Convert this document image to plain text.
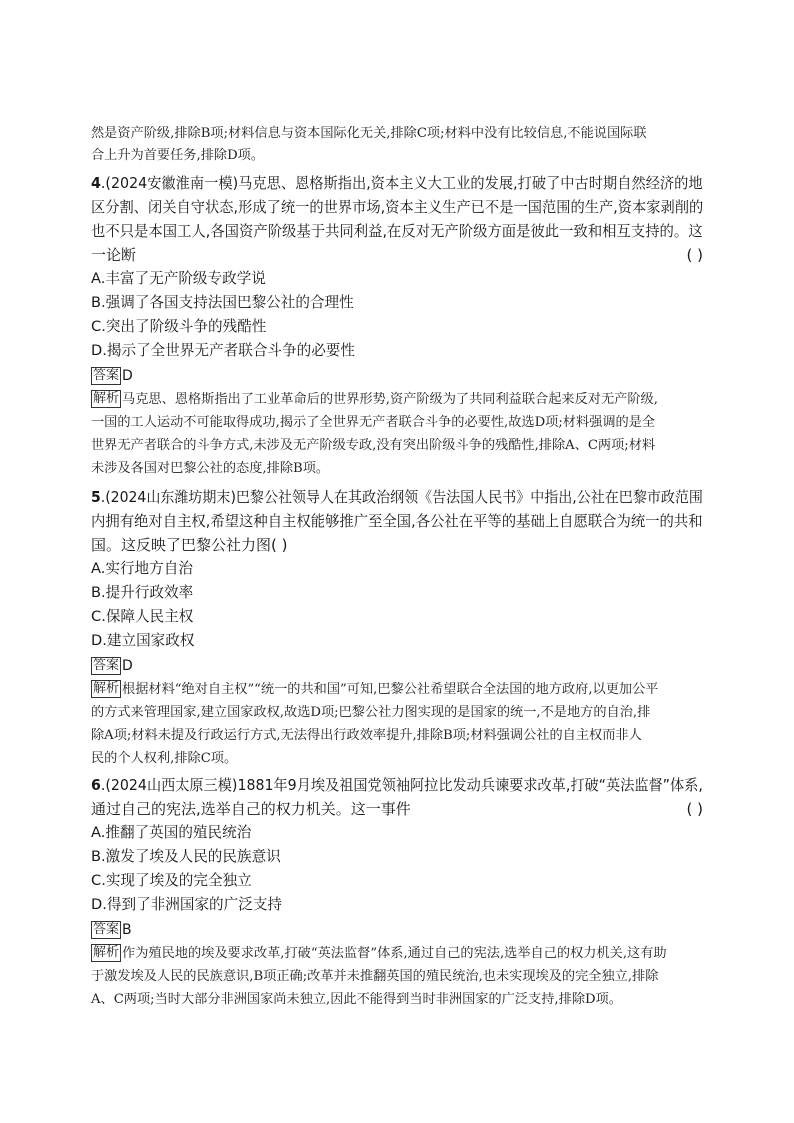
然是资产阶级,排除B项;材料信息与资本国际化无关,排除C项;材料中没有比较信息,不能说国际联
合上升为首要任务,排除D项。
4.(2024安徽淮南一模)马克思、恩格斯指出,资本主义大工业的发展,打破了中古时期自然经济的地
区分割、闭关自守状态,形成了统一的世界市场,资本主义生产已不是一国范围的生产,资本家剥削的
也不只是本国工人,各国资产阶级基于共同利益,在反对无产阶级方面是彼此一致和相互支持的。这
一论断	( )
A.丰富了无产阶级专政学说
B.强调了各国支持法国巴黎公社的合理性
C.突出了阶级斗争的残酷性
D.揭示了全世界无产者联合斗争的必要性
答案 D
解析 马克思、恩格斯指出了工业革命后的世界形势,资产阶级为了共同利益联合起来反对无产阶级,
一国的工人运动不可能取得成功,揭示了全世界无产者联合斗争的必要性,故选D项;材料强调的是全
世界无产者联合的斗争方式,未涉及无产阶级专政,没有突出阶级斗争的残酷性,排除A、C两项;材料
未涉及各国对巴黎公社的态度,排除B项。
5.(2024山东潍坊期末)巴黎公社领导人在其政治纲领《告法国人民书》中指出,公社在巴黎市政范围
内拥有绝对自主权,希望这种自主权能够推广至全国,各公社在平等的基础上自愿联合为统一的共和
国。这反映了巴黎公社力图( )
A.实行地方自治
B.提升行政效率
C.保障人民主权
D.建立国家政权
答案 D
解析 根据材料“绝对自主权”“统一的共和国”可知,巴黎公社希望联合全法国的地方政府,以更加公平
的方式来管理国家,建立国家政权,故选D项;巴黎公社力图实现的是国家的统一,不是地方的自治,排
除A项;材料未提及行政运行方式,无法得出行政效率提升,排除B项;材料强调公社的自主权而非人
民的个人权利,排除C项。
6.(2024山西太原三模)1881年9月埃及祖国党领袖阿拉比发动兵谏要求改革,打破“英法监督”体系,
通过自己的宪法,选举自己的权力机关。这一事件	( )
A.推翻了英国的殖民统治
B.激发了埃及人民的民族意识
C.实现了埃及的完全独立
D.得到了非洲国家的广泛支持
答案 B
解析 作为殖民地的埃及要求改革,打破“英法监督”体系,通过自己的宪法,选举自己的权力机关,这有助
于激发埃及人民的民族意识,B项正确;改革并未推翻英国的殖民统治,也未实现埃及的完全独立,排除
A、C两项;当时大部分非洲国家尚未独立,因此不能得到当时非洲国家的广泛支持,排除D项。
